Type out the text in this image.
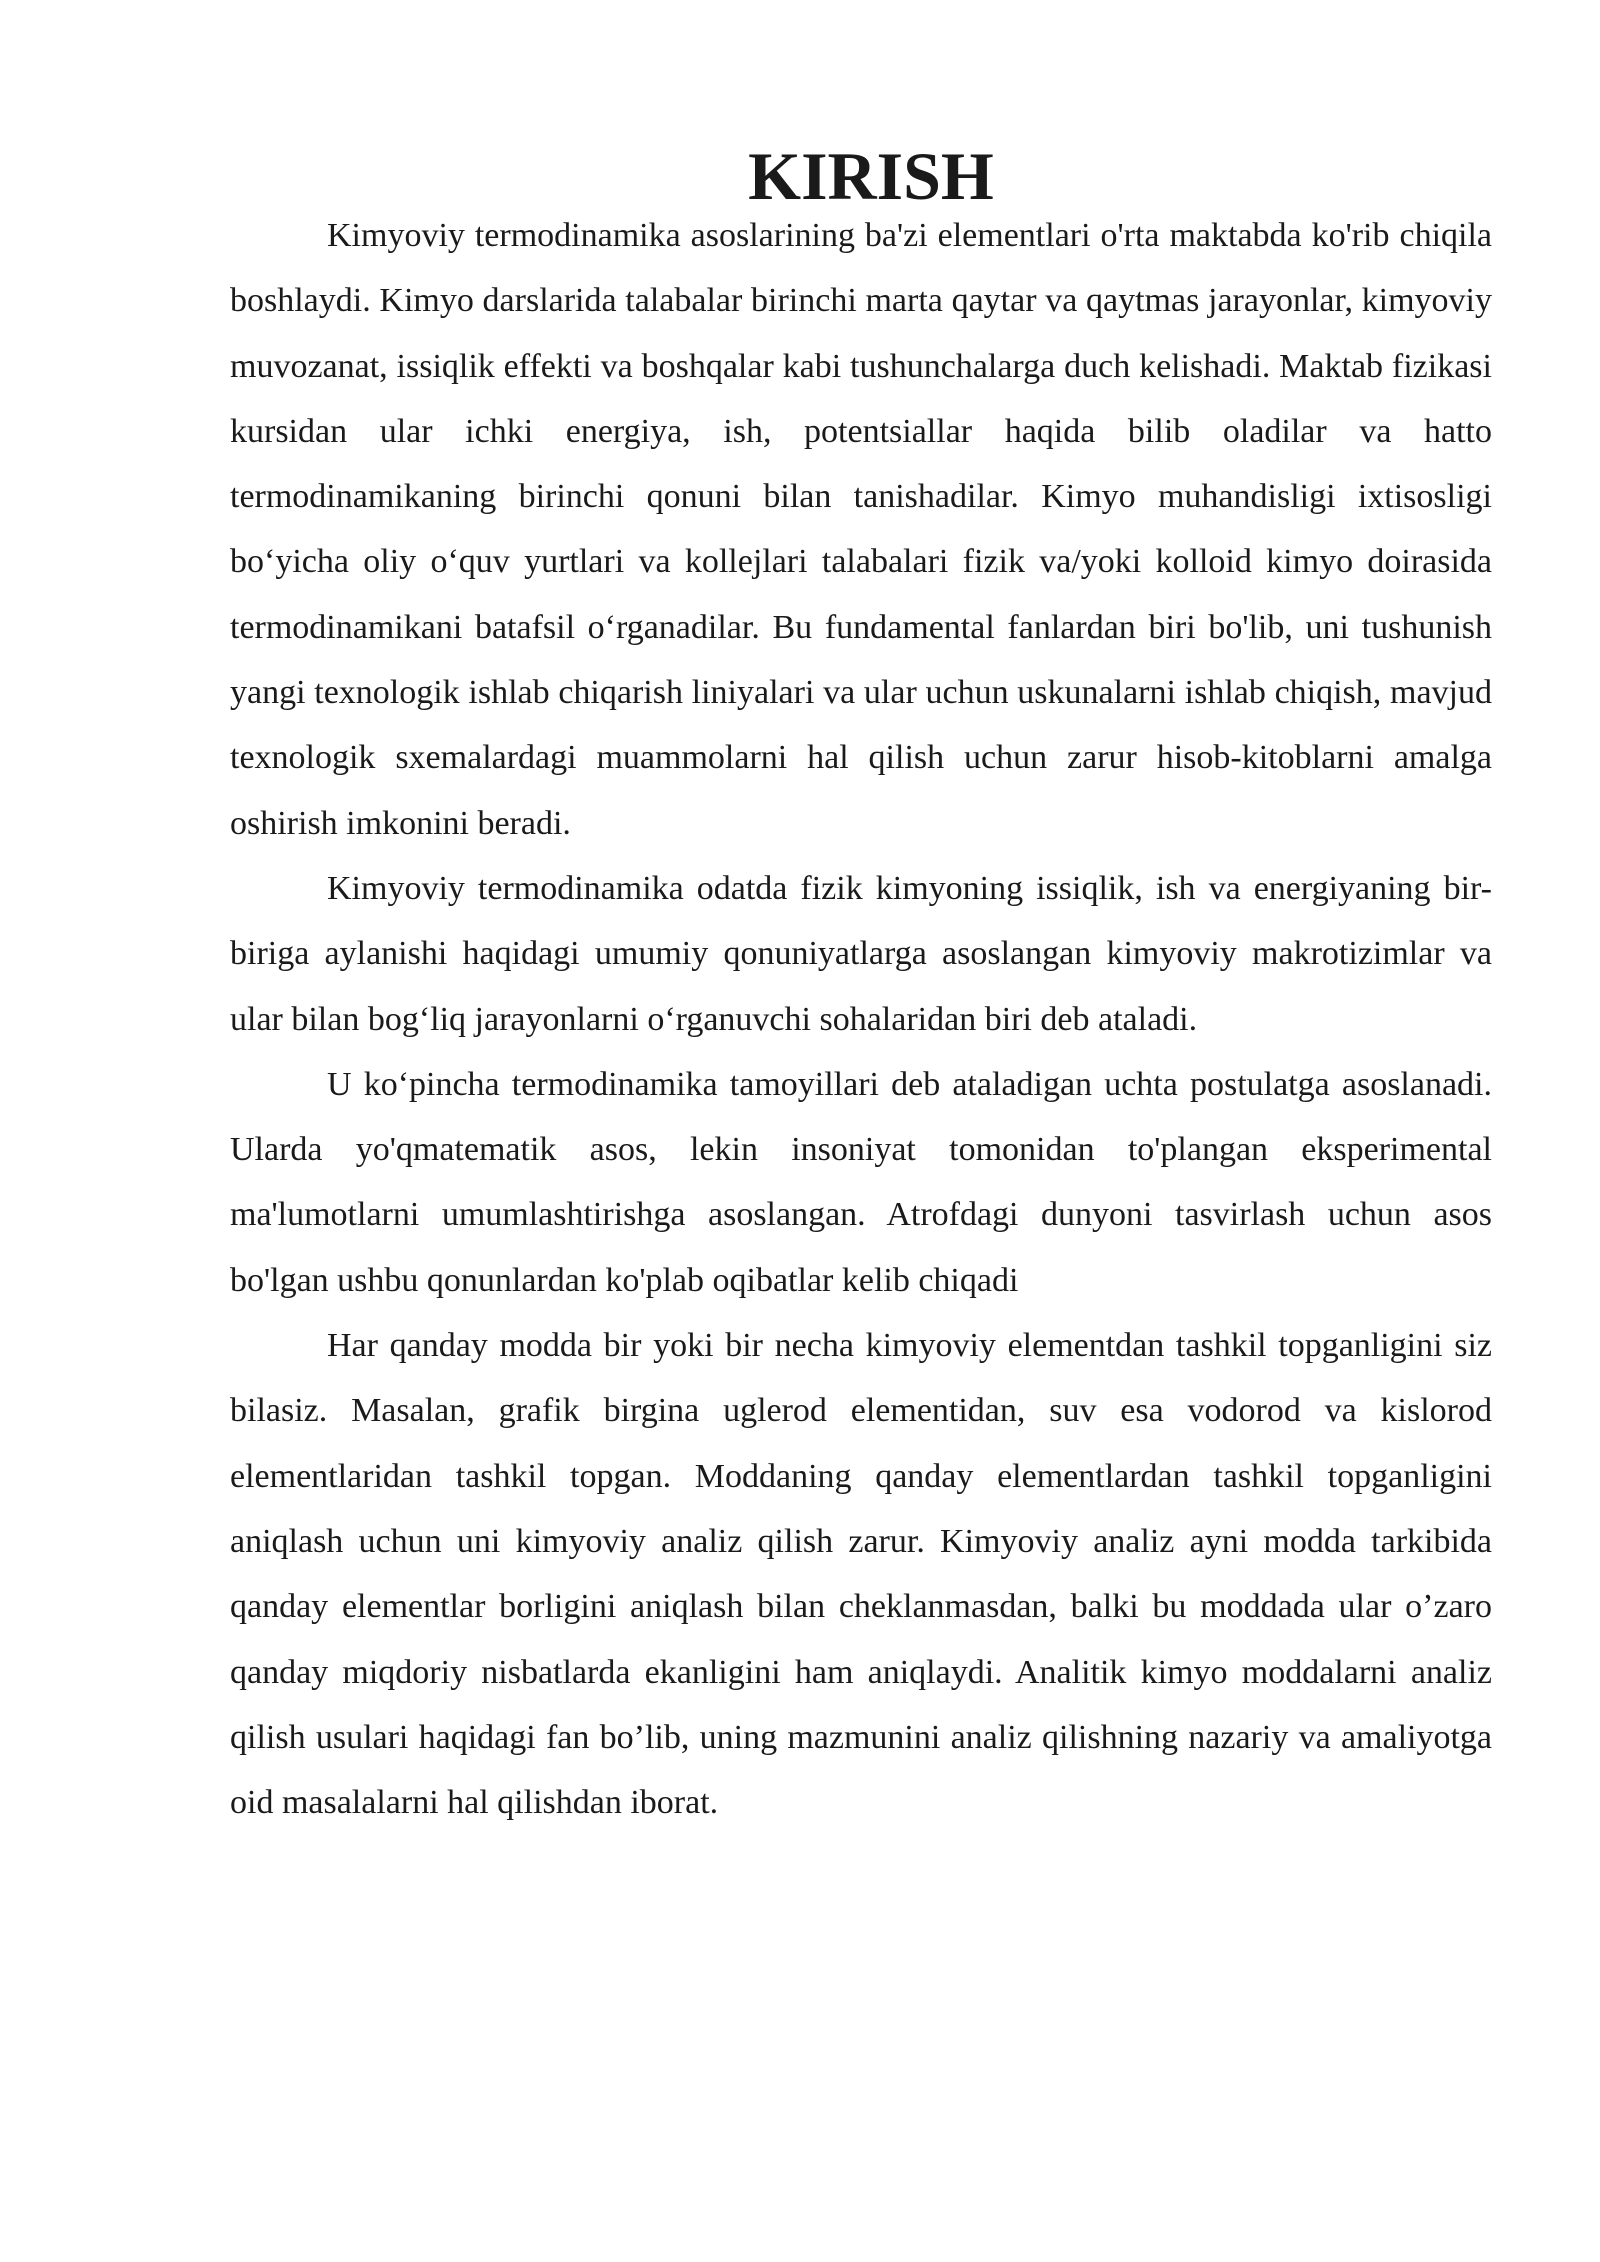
KIRISH

Kimyoviy termodinamika asoslarining ba'zi elementlari o'rta maktabda ko'rib chiqila boshlaydi. Kimyo darslarida talabalar birinchi marta qaytar va qaytmas jarayonlar, kimyoviy muvozanat, issiqlik effekti va boshqalar kabi tushunchalarga duch kelishadi. Maktab fizikasi kursidan ular ichki energiya, ish, potentsiallar haqida bilib oladilar va hatto termodinamikaning birinchi qonuni bilan tanishadilar. Kimyo muhandisligi ixtisosligi bo‘yicha oliy o‘quv yurtlari va kollejlari talabalari fizik va/yoki kolloid kimyo doirasida termodinamikani batafsil o‘rganadilar. Bu fundamental fanlardan biri bo'lib, uni tushunish yangi texnologik ishlab chiqarish liniyalari va ular uchun uskunalarni ishlab chiqish, mavjud texnologik sxemalardagi muammolarni hal qilish uchun zarur hisob-kitoblarni amalga oshirish imkonini beradi.

Kimyoviy termodinamika odatda fizik kimyoning issiqlik, ish va energiyaning bir-biriga aylanishi haqidagi umumiy qonuniyatlarga asoslangan kimyoviy makrotizimlar va ular bilan bog‘liq jarayonlarni o‘rganuvchi sohalaridan biri deb ataladi.

U ko‘pincha termodinamika tamoyillari deb ataladigan uchta postulatga asoslanadi. Ularda yo'qmatematik asos, lekin insoniyat tomonidan to'plangan eksperimental ma'lumotlarni umumlashtirishga asoslangan. Atrofdagi dunyoni tasvirlash uchun asos bo'lgan ushbu qonunlardan ko'plab oqibatlar kelib chiqadi

Har qanday modda bir yoki bir necha kimyoviy elementdan tashkil topganligini siz bilasiz. Masalan, grafik birgina uglerod elementidan, suv esa vodorod va kislorod elementlaridan tashkil topgan. Moddaning qanday elementlardan tashkil topganligini aniqlash uchun uni kimyoviy analiz qilish zarur. Kimyoviy analiz ayni modda tarkibida qanday elementlar borligini aniqlash bilan cheklanmasdan, balki bu moddada ular o’zaro qanday miqdoriy nisbatlarda ekanligini ham aniqlaydi. Analitik kimyo moddalarni analiz qilish usulari haqidagi fan bo’lib, uning mazmunini analiz qilishning nazariy va amaliyotga oid masalalarni hal qilishdan iborat.
